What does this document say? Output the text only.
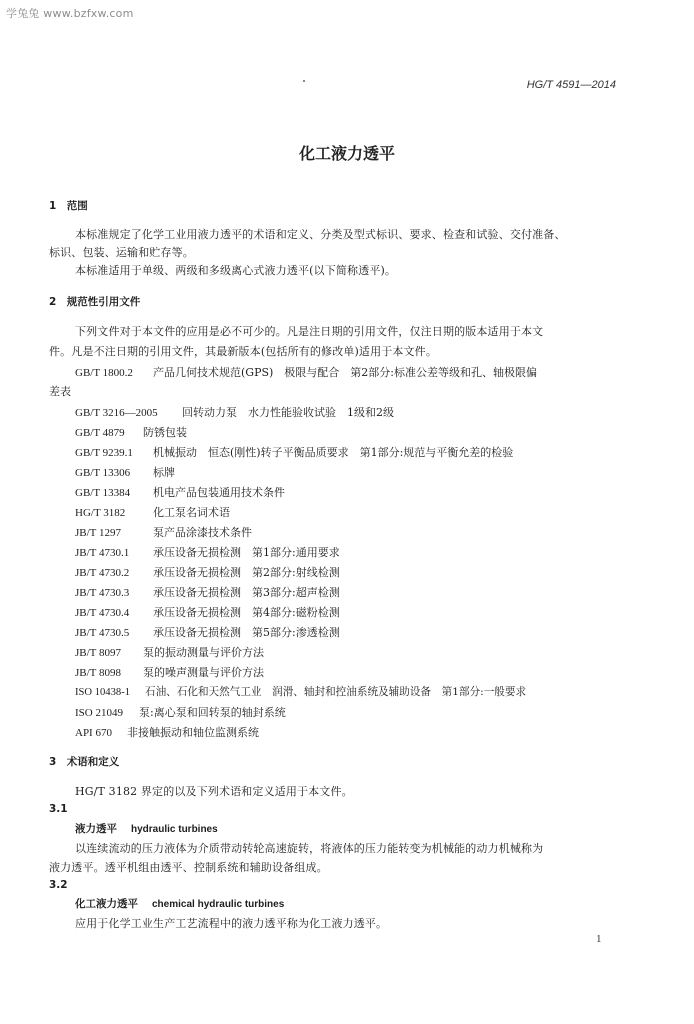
学兔兔 www.bzfxw.com
HG/T 4591—2014
化工液力透平
1　范围
本标准规定了化学工业用液力透平的术语和定义、分类及型式标识、要求、检查和试验、交付准备、
标识、包装、运输和贮存等。
本标准适用于单级、两级和多级离心式液力透平(以下简称透平)。
2　规范性引用文件
下列文件对于本文件的应用是必不可少的。凡是注日期的引用文件，仅注日期的版本适用于本文
件。凡是不注日期的引用文件，其最新版本(包括所有的修改单)适用于本文件。
GB/T 1800.2 产品几何技术规范(GPS)　极限与配合　第2部分:标准公差等级和孔、轴极限偏
差表
GB/T 3216—2005 回转动力泵　水力性能验收试验　1级和2级
GB/T 4879 防锈包装
GB/T 9239.1 机械振动　恒态(刚性)转子平衡品质要求　第1部分:规范与平衡允差的检验
GB/T 13306 标牌
GB/T 13384 机电产品包装通用技术条件
HG/T 3182	化工泵名词术语
JB/T 1297	泵产品涂漆技术条件
JB/T 4730.1 承压设备无损检测　第1部分:通用要求
JB/T 4730.2 承压设备无损检测　第2部分:射线检测
JB/T 4730.3 承压设备无损检测　第3部分:超声检测
JB/T 4730.4 承压设备无损检测　第4部分:磁粉检测
JB/T 4730.5 承压设备无损检测　第5部分:渗透检测
JB/T 8097 泵的振动测量与评价方法
JB/T 8098 泵的噪声测量与评价方法
ISO 10438-1 石油、石化和天然气工业　润滑、轴封和控油系统及辅助设备　第1部分:一般要求
ISO 21049 泵:离心泵和回转泵的轴封系统
API 670 非接触振动和轴位监测系统
3　术语和定义
HG/T 3182 界定的以及下列术语和定义适用于本文件。
3.1
液力透平 hydraulic turbines
以连续流动的压力液体为介质带动转轮高速旋转，将液体的压力能转变为机械能的动力机械称为
液力透平。透平机组由透平、控制系统和辅助设备组成。
3.2
化工液力透平 chemical hydraulic turbines
应用于化学工业生产工艺流程中的液力透平称为化工液力透平。
1
